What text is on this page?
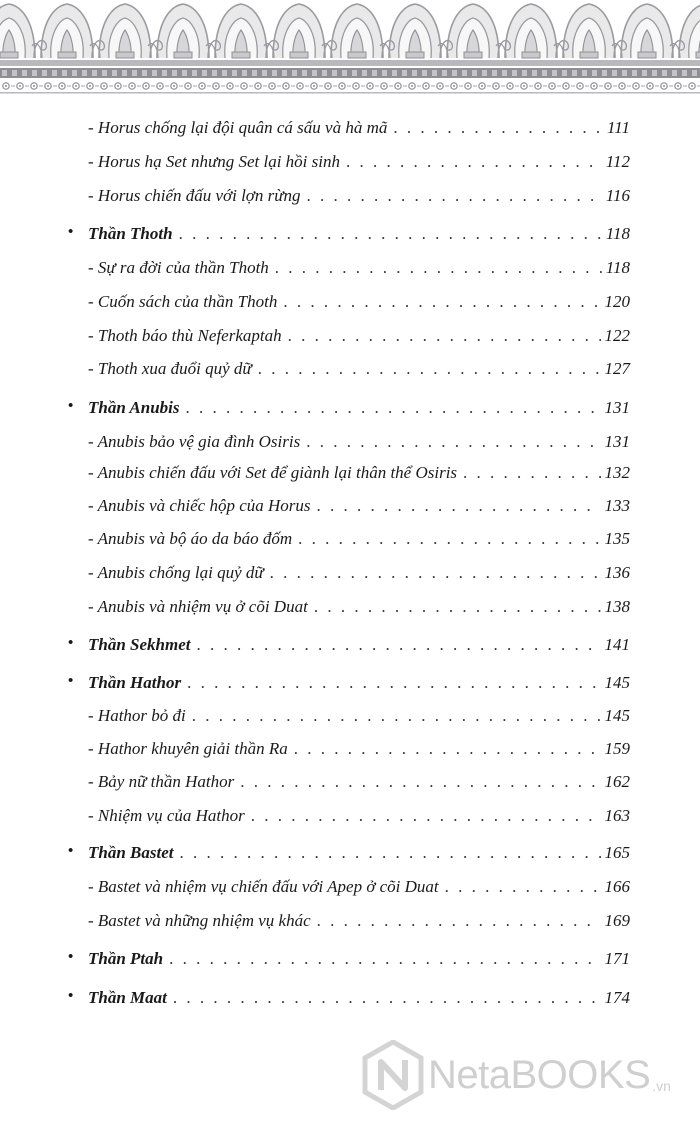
- Horus chống lại đội quân cá sấu và hà mã . . .	111
- Horus hạ Set nhưng Set lại hồi sinh . . .	112
- Horus chiến đấu với lợn rừng . . .	116
• Thần Thoth . . .	118
- Sự ra đời của thần Thoth . . .	118
- Cuốn sách của thần Thoth . . .	120
- Thoth báo thù Neferkaptah . . .	122
- Thoth xua đuổi quỷ dữ . . .	127
• Thần Anubis . . .	131
- Anubis bảo vệ gia đình Osiris . . .	131
- Anubis chiến đấu với Set để giành lại thân thể Osiris . . .	132
- Anubis và chiếc hộp của Horus . . .	133
- Anubis và bộ áo da báo đốm . . .	135
- Anubis chống lại quỷ dữ . . .	136
- Anubis và nhiệm vụ ở cõi Duat . . .	138
• Thần Sekhmet . . .	141
• Thần Hathor . . .	145
- Hathor bỏ đi . . .	145
- Hathor khuyên giải thần Ra . . .	159
- Bảy nữ thần Hathor . . .	162
- Nhiệm vụ của Hathor . . .	163
• Thần Bastet . . .	165
- Bastet và nhiệm vụ chiến đấu với Apep ở cõi Duat . . .	166
- Bastet và những nhiệm vụ khác . . .	169
• Thần Ptah . . .	171
• Thần Maat . . .	174
NetaBOOKS .vn
